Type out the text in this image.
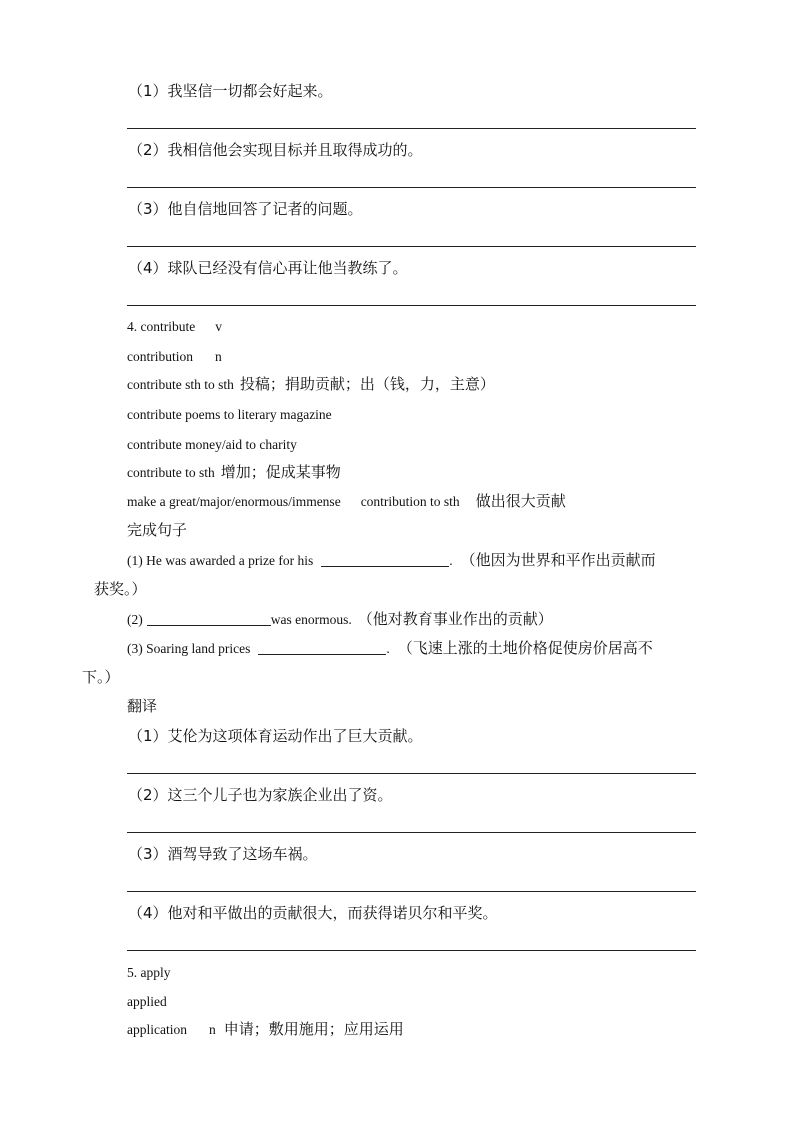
（1）我坚信一切都会好起来。
（2）我相信他会实现目标并且取得成功的。
（3）他自信地回答了记者的问题。
（4）球队已经没有信心再让他当教练了。
4. contribute v
contribution n
contribute sth to sth 投稿；捐助贡献；出（钱，力，主意）
contribute poems to literary magazine
contribute money/aid to charity
contribute to sth 增加；促成某事物
make a great/major/enormous/immense contribution to sth 做出很大贡献
完成句子
(1) He was awarded a prize for his	. （他因为世界和平作出贡献而
获奖。）
(2)	was enormous. （他对教育事业作出的贡献）
(3) Soaring land prices	. （飞速上涨的土地价格促使房价居高不
下。）
翻译
（1）艾伦为这项体育运动作出了巨大贡献。
（2）这三个儿子也为家族企业出了资。
（3）酒驾导致了这场车祸。
（4）他对和平做出的贡献很大，而获得诺贝尔和平奖。
5. apply
applied
application n 申请；敷用施用；应用运用
